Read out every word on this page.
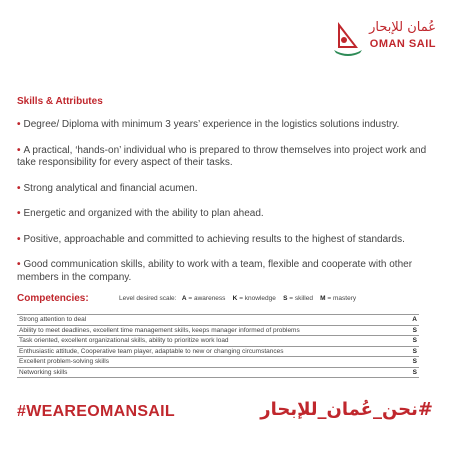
عُمان للإبحار
OMAN SAIL
Skills & Attributes
• Degree/ Diploma with minimum 3 years’ experience in the logistics solutions industry.
• A practical, ‘hands-on’ individual who is prepared to throw themselves into project work and take responsibility for every aspect of their tasks.
• Strong analytical and financial acumen.
• Energetic and organized with the ability to plan ahead.
• Positive, approachable and committed to achieving results to the highest of standards.
• Good communication skills, ability to work with a team, flexible and cooperate with other members in the company.
Competencies:	Level desired scale: A = awareness K = knowledge S = skilled M = mastery
Strong attention to deal	A
Ability to meet deadlines, excellent time management skills, keeps manager informed of problems	S
Task oriented, excellent organizational skills, ability to prioritize work load	S
Enthusiastic attitude, Cooperative team player, adaptable to new or changing circumstances	S
Excellent problem-solving skills	S
Networking skills	S
#WEAREOMANSAIL	#نحن_عُمان_للإبحار
